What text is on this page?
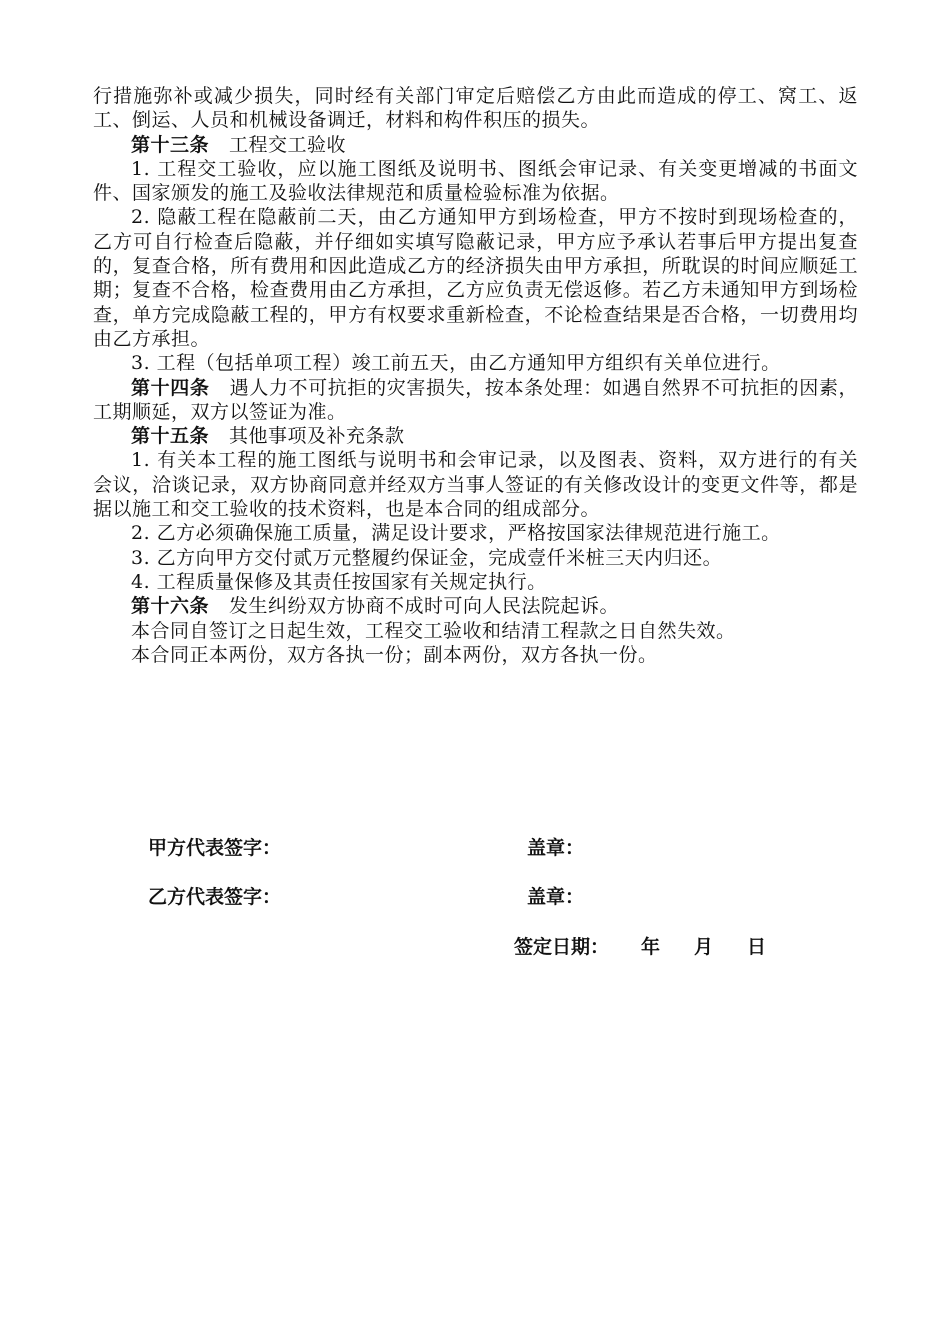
行措施弥补或减少损失，同时经有关部门审定后赔偿乙方由此而造成的停工、窝工、返工、倒运、人员和机械设备调迁，材料和构件积压的损失。

第十三条 工程交工验收

1. 工程交工验收，应以施工图纸及说明书、图纸会审记录、有关变更增减的书面文件、国家颁发的施工及验收法律规范和质量检验标准为依据。

2. 隐蔽工程在隐蔽前二天，由乙方通知甲方到场检查，甲方不按时到现场检查的，乙方可自行检查后隐蔽，并仔细如实填写隐蔽记录，甲方应予承认若事后甲方提出复查的，复查合格，所有费用和因此造成乙方的经济损失由甲方承担，所耽误的时间应顺延工期；复查不合格，检查费用由乙方承担，乙方应负责无偿返修。若乙方未通知甲方到场检查，单方完成隐蔽工程的，甲方有权要求重新检查，不论检查结果是否合格，一切费用均由乙方承担。

3. 工程（包括单项工程）竣工前五天，由乙方通知甲方组织有关单位进行。

第十四条 遇人力不可抗拒的灾害损失，按本条处理：如遇自然界不可抗拒的因素，工期顺延，双方以签证为准。

第十五条 其他事项及补充条款

1. 有关本工程的施工图纸与说明书和会审记录，以及图表、资料，双方进行的有关会议，洽谈记录，双方协商同意并经双方当事人签证的有关修改设计的变更文件等，都是据以施工和交工验收的技术资料，也是本合同的组成部分。

2. 乙方必须确保施工质量，满足设计要求，严格按国家法律规范进行施工。

3. 乙方向甲方交付贰万元整履约保证金，完成壹仟米桩三天内归还。

4. 工程质量保修及其责任按国家有关规定执行。

第十六条 发生纠纷双方协商不成时可向人民法院起诉。

本合同自签订之日起生效，工程交工验收和结清工程款之日自然失效。

本合同正本两份，双方各执一份；副本两份，双方各执一份。

甲方代表签字：	盖章：
乙方代表签字：	盖章：
签定日期： 年 月 日
